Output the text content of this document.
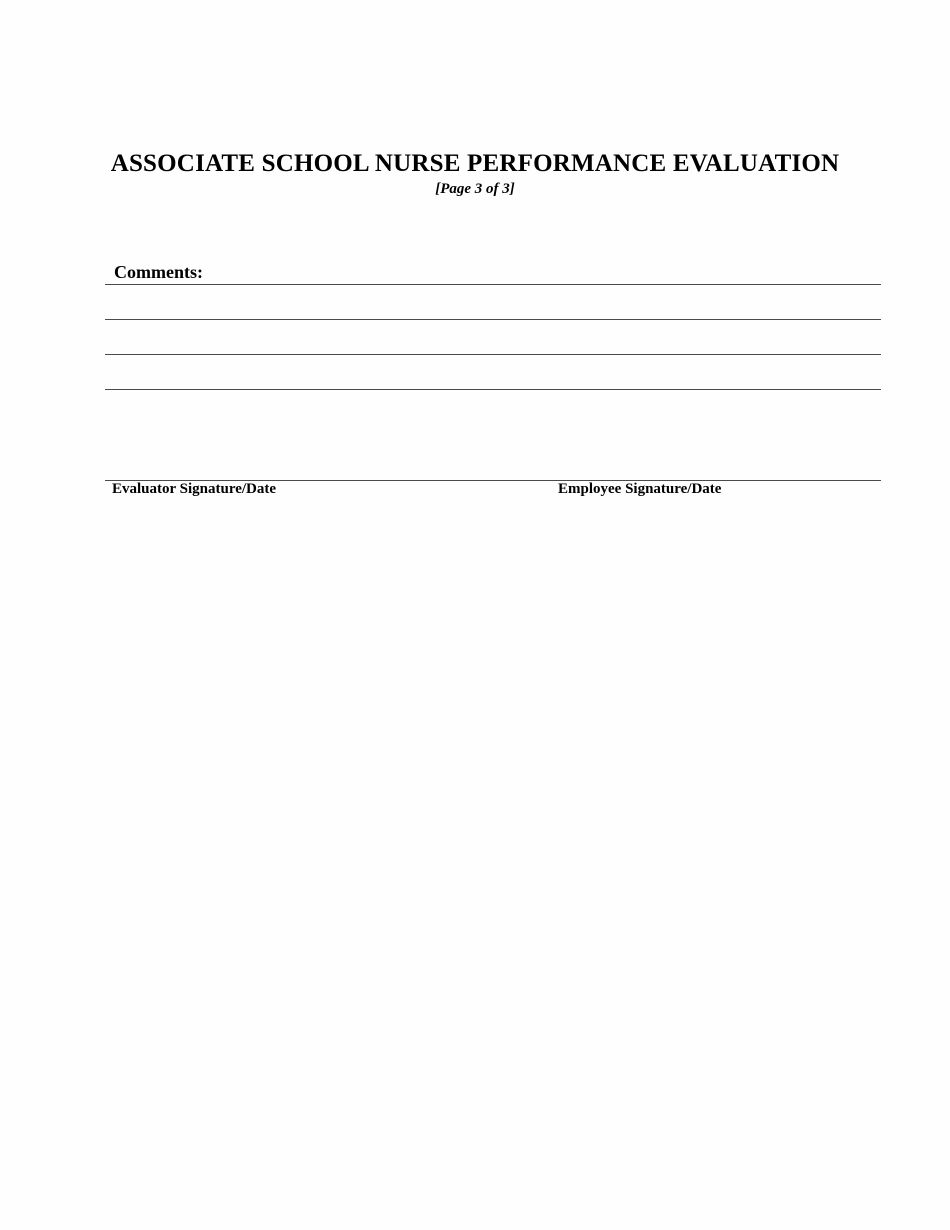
ASSOCIATE SCHOOL NURSE PERFORMANCE EVALUATION
[Page 3 of 3]
Comments:
Evaluator Signature/Date	Employee Signature/Date
